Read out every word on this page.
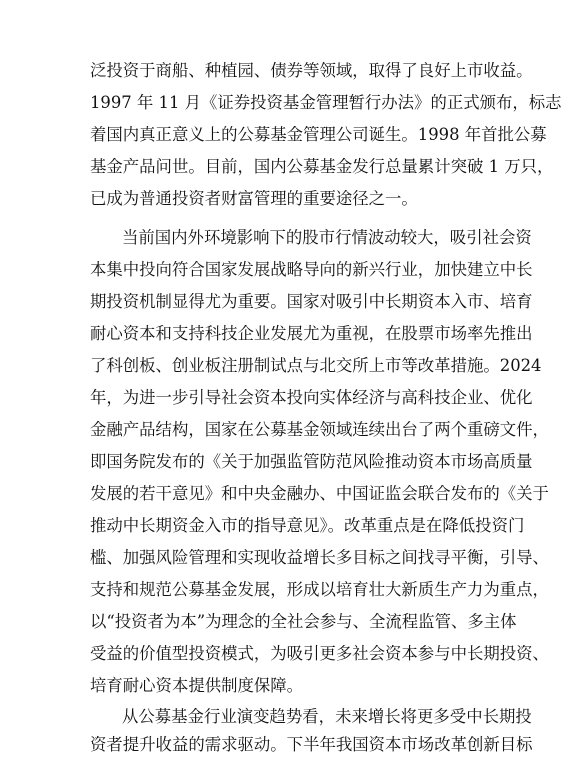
泛投资于商船、种植园、债券等领域，取得了良好上市收益。
1997 年 11 月《证券投资基金管理暂行办法》的正式颁布，标志
着国内真正意义上的公募基金管理公司诞生。1998 年首批公募
基金产品问世。目前，国内公募基金发行总量累计突破 1 万只，
已成为普通投资者财富管理的重要途径之一。
当前国内外环境影响下的股市行情波动较大，吸引社会资
本集中投向符合国家发展战略导向的新兴行业，加快建立中长
期投资机制显得尤为重要。国家对吸引中长期资本入市、培育
耐心资本和支持科技企业发展尤为重视，在股票市场率先推出
了科创板、创业板注册制试点与北交所上市等改革措施。2024
年，为进一步引导社会资本投向实体经济与高科技企业、优化
金融产品结构，国家在公募基金领域连续出台了两个重磅文件，
即国务院发布的《关于加强监管防范风险推动资本市场高质量
发展的若干意见》和中央金融办、中国证监会联合发布的《关于
推动中长期资金入市的指导意见》。改革重点是在降低投资门
槛、加强风险管理和实现收益增长多目标之间找寻平衡，引导、
支持和规范公募基金发展，形成以培育壮大新质生产力为重点，
以“投资者为本”为理念的全社会参与、全流程监管、多主体
受益的价值型投资模式，为吸引更多社会资本参与中长期投资、
培育耐心资本提供制度保障。
从公募基金行业演变趋势看，未来增长将更多受中长期投
资者提升收益的需求驱动。下半年我国资本市场改革创新目标
